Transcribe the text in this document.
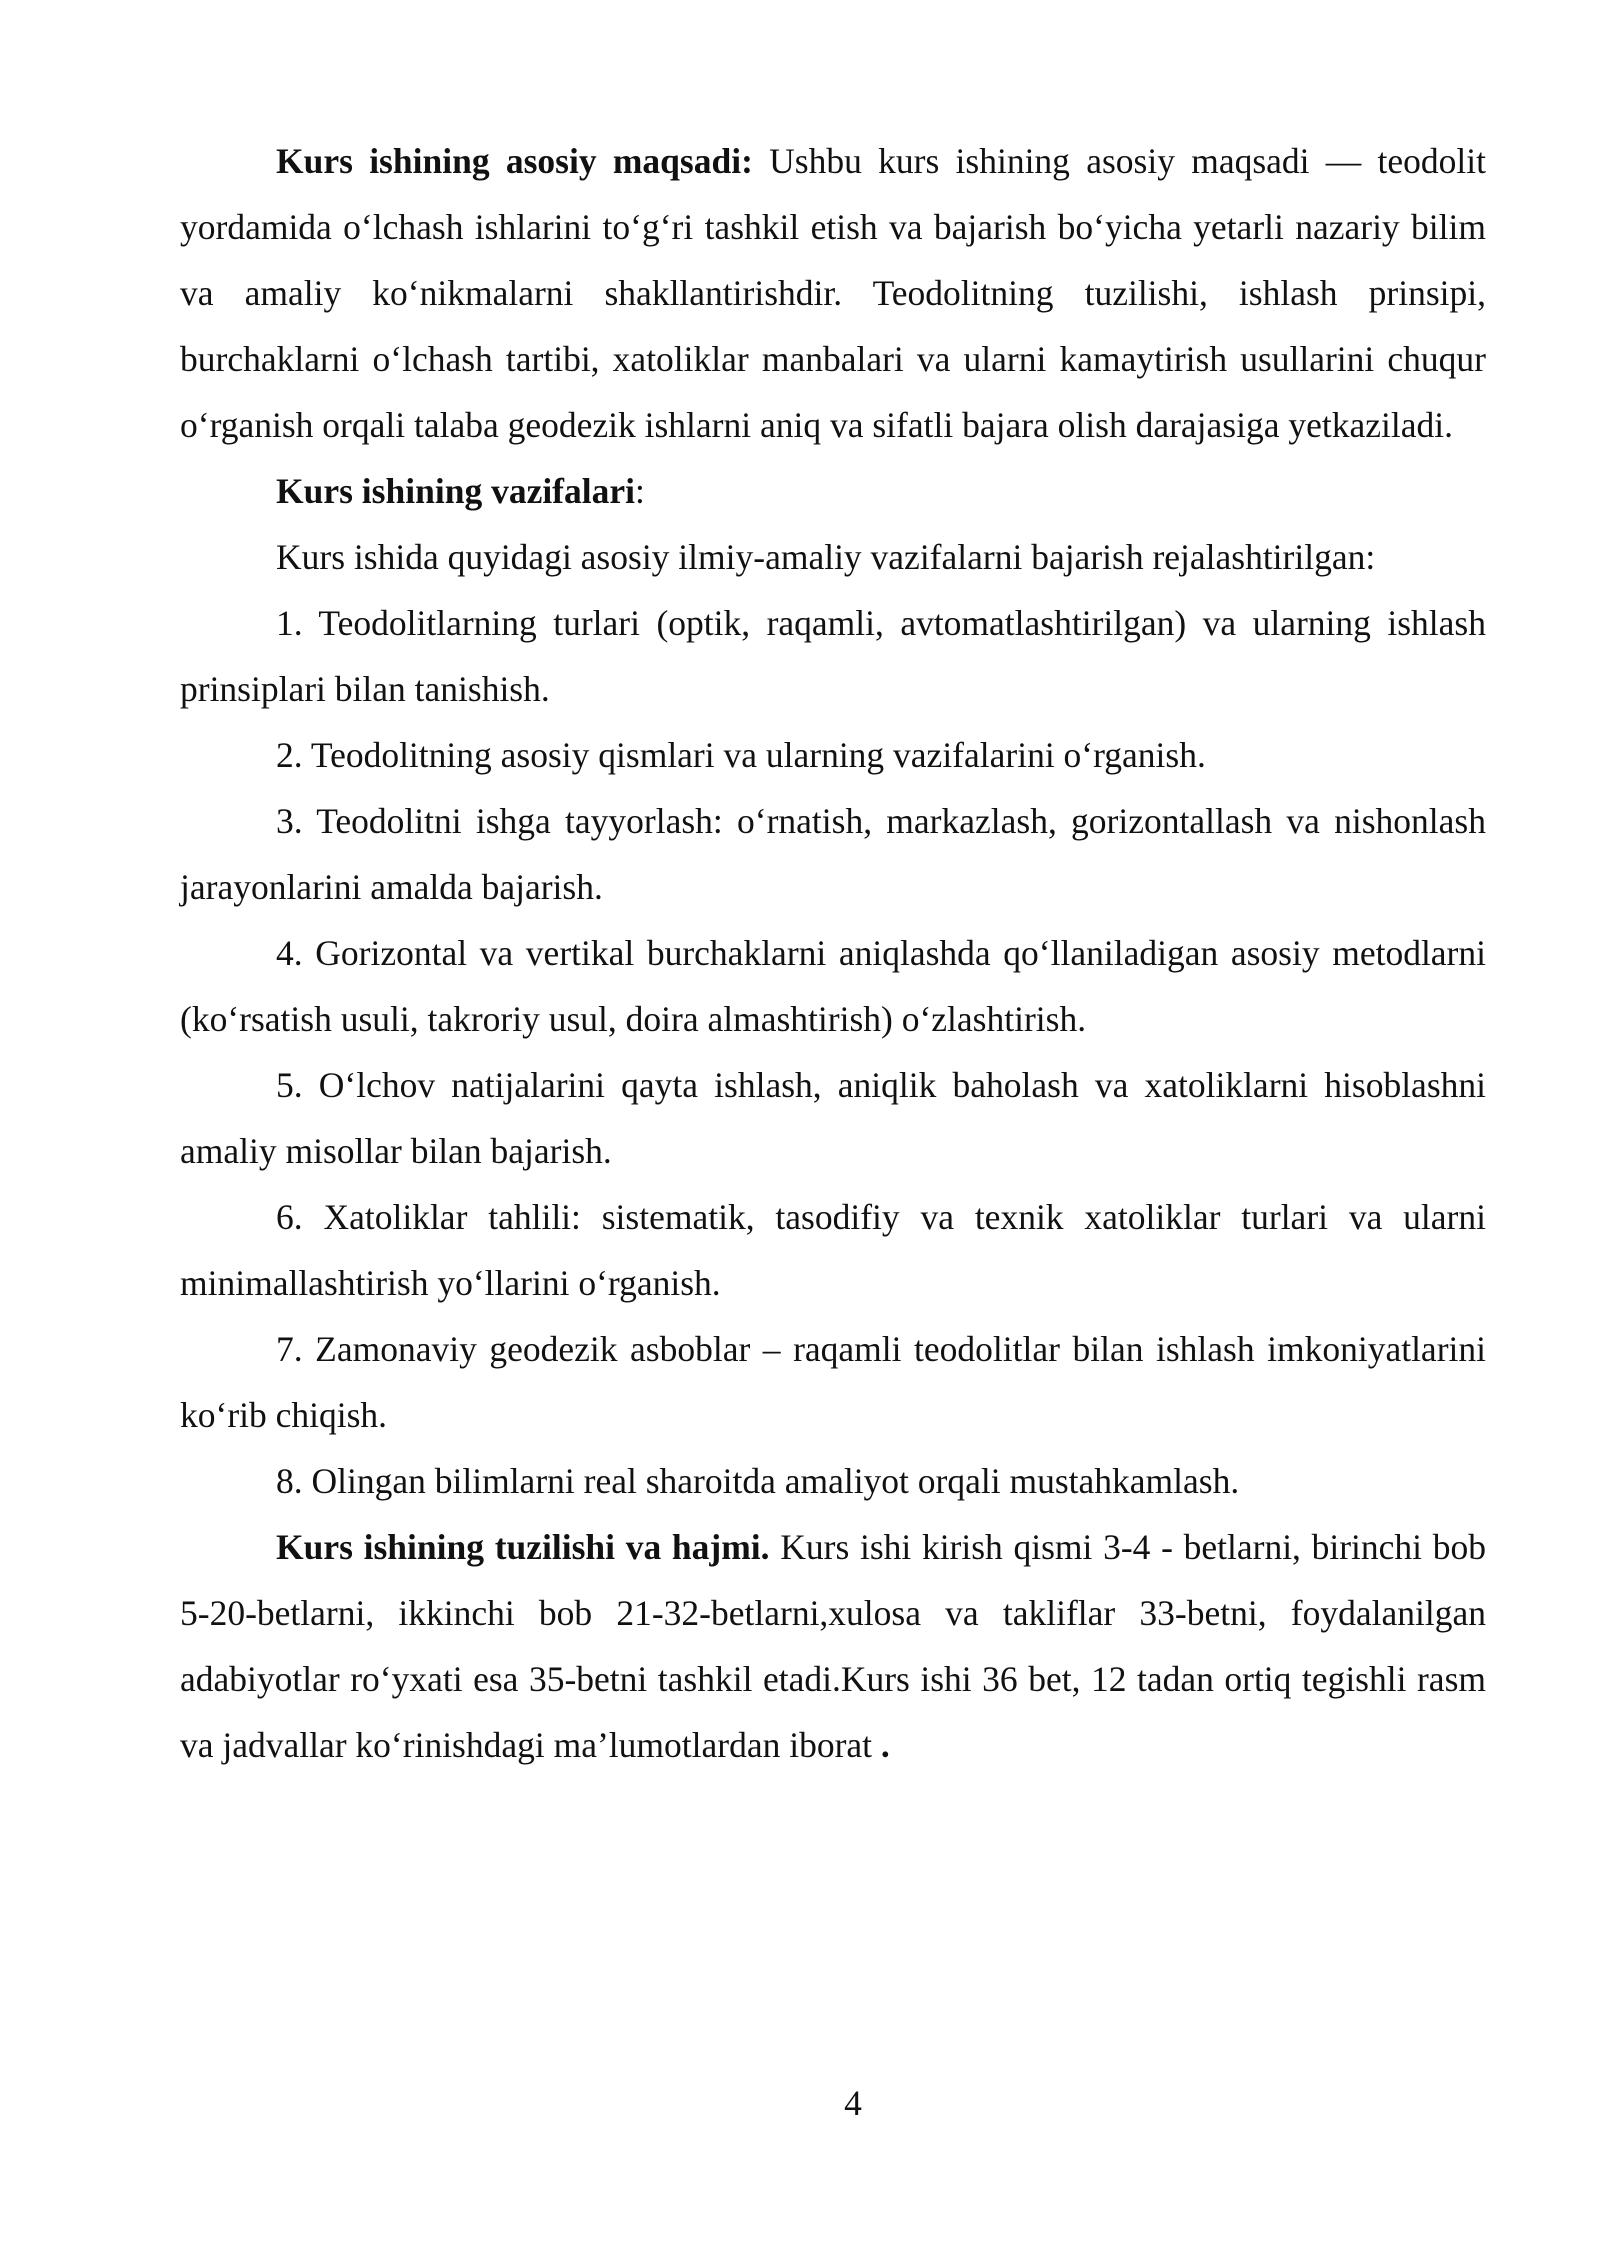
Kurs ishining asosiy maqsadi: Ushbu kurs ishining asosiy maqsadi — teodolit yordamida o‘lchash ishlarini to‘g‘ri tashkil etish va bajarish bo‘yicha yetarli nazariy bilim va amaliy ko‘nikmalarni shakllantirishdir. Teodolitning tuzilishi, ishlash prinsipi, burchaklarni o‘lchash tartibi, xatoliklar manbalari va ularni kamaytirish usullarini chuqur o‘rganish orqali talaba geodezik ishlarni aniq va sifatli bajara olish darajasiga yetkaziladi.

Kurs ishining vazifalari:

Kurs ishida quyidagi asosiy ilmiy-amaliy vazifalarni bajarish rejalashtirilgan:

1. Teodolitlarning turlari (optik, raqamli, avtomatlashtirilgan) va ularning ishlash prinsiplari bilan tanishish.

2. Teodolitning asosiy qismlari va ularning vazifalarini o‘rganish.

3. Teodolitni ishga tayyorlash: o‘rnatish, markazlash, gorizontallash va nishonlash jarayonlarini amalda bajarish.

4. Gorizontal va vertikal burchaklarni aniqlashda qo‘llaniladigan asosiy metodlarni (ko‘rsatish usuli, takroriy usul, doira almashtirish) o‘zlashtirish.

5. O‘lchov natijalarini qayta ishlash, aniqlik baholash va xatoliklarni hisoblashni amaliy misollar bilan bajarish.

6. Xatoliklar tahlili: sistematik, tasodifiy va texnik xatoliklar turlari va ularni minimallashtirish yo‘llarini o‘rganish.

7. Zamonaviy geodezik asboblar – raqamli teodolitlar bilan ishlash imkoniyatlarini ko‘rib chiqish.

8. Olingan bilimlarni real sharoitda amaliyot orqali mustahkamlash.

Kurs ishining tuzilishi va hajmi. Kurs ishi kirish qismi 3-4 - betlarni, birinchi bob 5-20-betlarni, ikkinchi bob 21-32-betlarni,xulosa va takliflar 33-betni, foydalanilgan adabiyotlar ro‘yxati esa 35-betni tashkil etadi.Kurs ishi 36 bet, 12 tadan ortiq tegishli rasm va jadvallar ko‘rinishdagi ma’lumotlardan iborat .

4
